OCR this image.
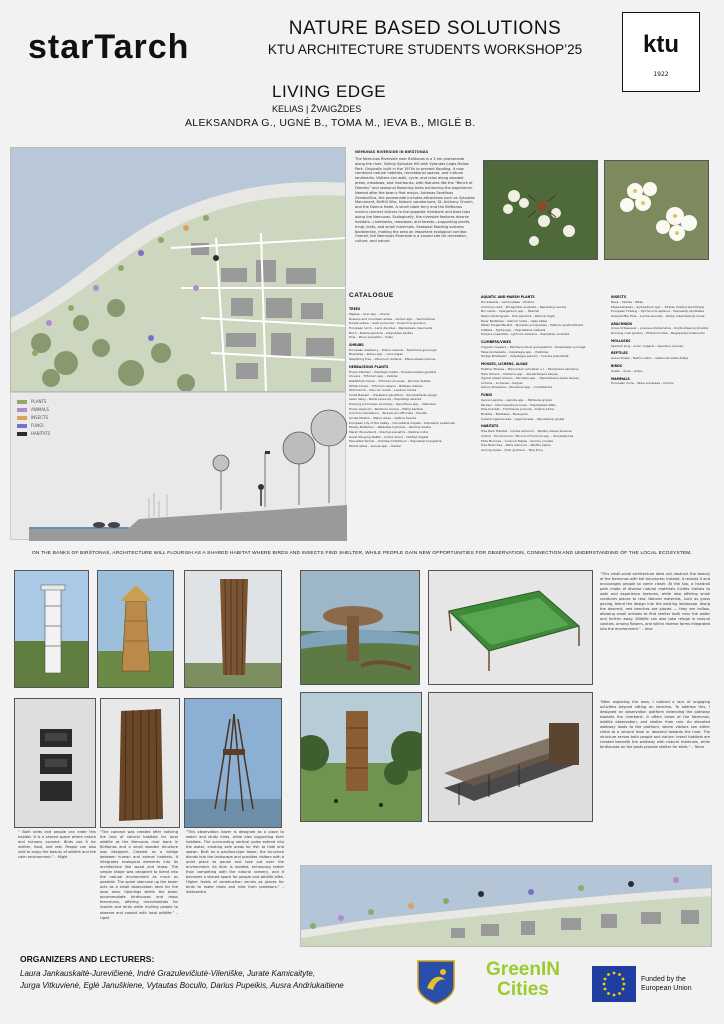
starTarch	NATURE BASED SOLUTIONS
KTU ARCHITECTURE STUDENTS WORKSHOP’25	ktu
1922
LIVING EDGE
KELIAS | ŽVAIGŽDES
ALEKSANDRA G., UGNĖ B., TOMA M., IEVA B., MIGLĖ B.
PLANTS
ANIMALS
INSECTS
FUNGI
HABITATS
NEMUNAS RIVERSIDE IN BIRŠTONAS
The Nemunas Riverside near Birštonas is a 2 km promenade along the river, linking Vytautas Hill with Vytautas Jurgis Mallos Park. Originally built in the 1970s to prevent flooding, it now combines natural habitats, recreational spaces, and cultural landmarks. Visitors can walk, cycle, and relax along wooded areas, meadows, and riverbanks, with features like the “Bench of Dreams” and seasonal flowering trees enhancing the experience. Named after the town's first mayor, Antanas Serafinas Zenkevičius, the promenade includes attractions such as Vytautas Monument, Birštill Villa, historic sanatoriums, St. Anthony Church, and the Domus Hotel. A small cable ferry and the Birštonas marina connect visitors to the opposite riverbank and boat trips along the Nemunas. Ecologically, the riverside features diverse habitats—riverbanks, meadows, and forests—supporting plants, fungi, birds, and small mammals. Seasonal flooding sustains biodiversity, making the area an important ecological corridor. Overall, the Nemunas Riverside is a valued site for recreation, culture, and nature.
CATALOGUE
TREES
Maples – Acer spp. – Klevai
Rowans and mountain ashes – Sorbus spp. – Šermukšniai
Purple willow – Salix purpurea – Purpurinis gluosnis
European larch – Larix decidua – Paprastasis maumedis
Birch – Betula pendula – Karpotasis beržas
Pine – Pinus sylvestris – Pušis
SHRUBS
European dewberry – Rubus caesius – Šerkšninė gervuogė
Brambles – Rubus spp. – Gervuogės
Wayfaring tree – Viburnum lantana – Plaukuotasis putinas
HERBACEOUS PLANTS
Hoary Plantain – Plantago media – Pluoksnuotasis gyslotis
Clovers – Trifolium spp. – Dobilai
Rabbitfoot Clover – Trifolium arvense – Dirvinis dobilas
White Clover – Trifolium repens – Baltasis dobilas
Wild Carrot – Daucus carota – Laukinė morka
Small Balsam – Impatiens parviflora – Smulkiažiedė spriga
Lawn daisy – Bellis perennis – Paprastoji saulutė
Evening primroses, sundrops – Oenothera spp. – Nakvišos
Hoary Alyssum – Berteroa incana – Pilkoji berterė
Common Dandelion – Taraxacum officinale – Pienitė
Scribe Mallow – Malva alcea – Vaišinė šventė
European Lily of the Valley – Convallaria majalis – Paprastoji pakalnutė
Woolly Butterbur – Petasites hybridus – Vaistinė šauklė
Marsh Woundwort – Stachys palustris – Pelkinė notrė
Great Stinging Nettle – Urtica dioica – Didžioji dilgėlė
Mousetail Yarrow – Achillea millefolium – Paprastoji kraujаžolė
Woodrushes – Luzula spp. – Kiečiai
AQUATIC AND MARSH PLANTS
Duckweeds – Lemnoideae – Pūdkos
Common reed – Phragmites australis – Paprastoji nendrė
Bur reeds – Sparganium spp. – Šilaičiai
Reed maidengrass – Poa palustris – Pelkinė miglė
River Bedstraw – Galium rivale – Upės lipikė
Water Forget-Me-Not – Myosotis scorpioides – Pelkinė neužmirštuolė
Cattails – Typha spp. – Paprastasis vikšrelis
Purple Loosestrife – Lythrum salicaria – Paprastoji raudoklė
CLIMBERS/VINES
Virginia creepers – Parthenocissus quinquefolia – Penkialapė vynuogė
False bindweeds – Calystegia spp. – Pelkinlės
Hedge Bindweed – Calystegia sepium – Tvorinė patvinkšlė
MOSSES, LICHENS, ALGAE
Feather Mosses – Pleurozium schreberi s.l. – Plunksninė samanos
Tube lichens – Cladonia spp. – Kerpėrbkosos kerpes
Typical shield lichens – Parmelia spp. – Paprastosios skyds kerpes
Lichens – Lichenes – Kerpės
Genus Stoutenia – Stoutenia spp. – Dumblaldos
FUNGI
Genus Lepiota – Lepiota spp. – Šilkbarės grybai
Parasol – Macrolepiota procera – Paprastasis šlikis
Pine bracket – Fomitopsis pinicola – Pušinė pintis
Boletes – Boletales – Baravykai
Subsidi Agaricaceae – Agaricaceae – Vajuostiniai grybai
HABITATS
Tree Bark Habitat – Cortex arborum – Medžių žievės buveinė
Anthill – Formicarium / Mound of Formica spp. – Skruzdėlynas
Mole Burrows – Cuniculi Talpae – Kurmių urvelės
Tree Branches – Rami arborum – Medžių šakos
Among Grass – Inter gramina – Tarp žolių
INSECTS
Bees – Apidae – Bitės
Meadowhawks – Sympetrum spp. – Žirklės (mažoji laumžirgis)
European Firebug – Pyrrhocoris apterus – Paprastoji skydblakė
Greenbottle Flies – Lucilia sericata – Žalioji mėsinlaisvoji musė
ARACHNIDS
Cross Orbweaver – Araneus diadematus – Kryžiuotasis kryžiuotis
Running crab spiders – Philodromidae – Begiojantys krabvoriai
MOLLUSKS
Spanish slug – Arion vulgaris – Ispaninių arionas
REPTILES
Grass Snake – Natrix natrix – Geltonskruostis žaltys
BIRDS
Snails – Anas – Antys
MAMMALS
European mole – Talpa europaea – Kurmis
ON THE BANKS OF BIRŠTONAS, ARCHITECTURE WILL FLOURISH AS A SHARED HABITAT WHERE BIRDS AND INSECTS FIND SHELTER, WHILE PEOPLE GAIN NEW OPPORTUNITIES FOR OBSERVATION, CONNECTION AND UNDERSTANDING OF THE LOCAL ECOSYSTEM.
“This small-scale architecture does not obstruct the beauty of the Nemunas with tall structures; instead, it reveals it and encourages people to come closer. At the top, a handrail path made of diverse natural materials invites visitors to walk and experience textures, while also offering small creatures places to rest. Natural materials, such as grass paving, blend the design into the existing landscape. Along the descent, rest benches are placed — they are hollow, allowing small animals to find shelter both near the water and further away. Wildlife can also take refuge in natural cavities, among flowers, and within diverse forms integrated into the environment.” – Ieva
“After exploring the area, I noticed a lack of engaging activities beyond sitting on benches. To address this, I designed an observation platform extending the pathway towards the riverbank. It offers views of the Nemunas, wildlife observation, and shelter from rain. An elevated walkway leads to the platform, where visitors can either climb to a second level or descend towards the river. The structure serves both people and nature: insect habitats are created beneath the walkway with natural materials, while birdhouses on the posts provide shelter for birds.” – Toma
“ Both birds and people can enter this habitat. It is a shared space where nature and humans connect. Birds use it for shelter, food, and rest. People can also visit to enjoy the beauty of wildlife and the calm environment.” – Miglė
“The concept was created after noticing the lack of natural habitats for local wildlife at the Nemunas river bank in Birštonas and a small wooden structure was designed. Created as a bridge between human and animal habitats, it integrates ecological elements into its architecture like wood and straw. The simple shape was designed to blend into the natural environment as much as possible. The spiral staircase up the tower acts as a small observation deck for the local area. Openings within the tower accommodate birdhouses and moss terrariums, offering microhabitats for insects and birds while inviting people to observe and coexist with local wildlife.” – Ugnė
“This observation tower is designed as a place to watch and study birds, while also supporting their habitats. The surrounding vertical poles extend into the water, creating safe areas for fish to hide and spawn. Built as a pavilion-type tower, the structure blends into the landscape and provides visitors with a quiet place to pause and look out over the environment. Its form is modest, enhancing rather than competing with the natural scenery, and it becomes a shared space for people and wildlife alike. Higher levels of construction serves as places for birds to make nests and hide from predators.” – Aleksandra
ORGANIZERS AND LECTURERS:
Laura Jankauskaitė-Jurevičienė, Indrė Grazulevičiutė-Vileniške, Jurate Kamicaityte,
Jurga Vitkuvienė, Eglė Januškiene, Vytautas Bocullo, Darius Pupeikis, Ausra Andriukaitiene
GreenIN
Cities	Funded by the
European Union
